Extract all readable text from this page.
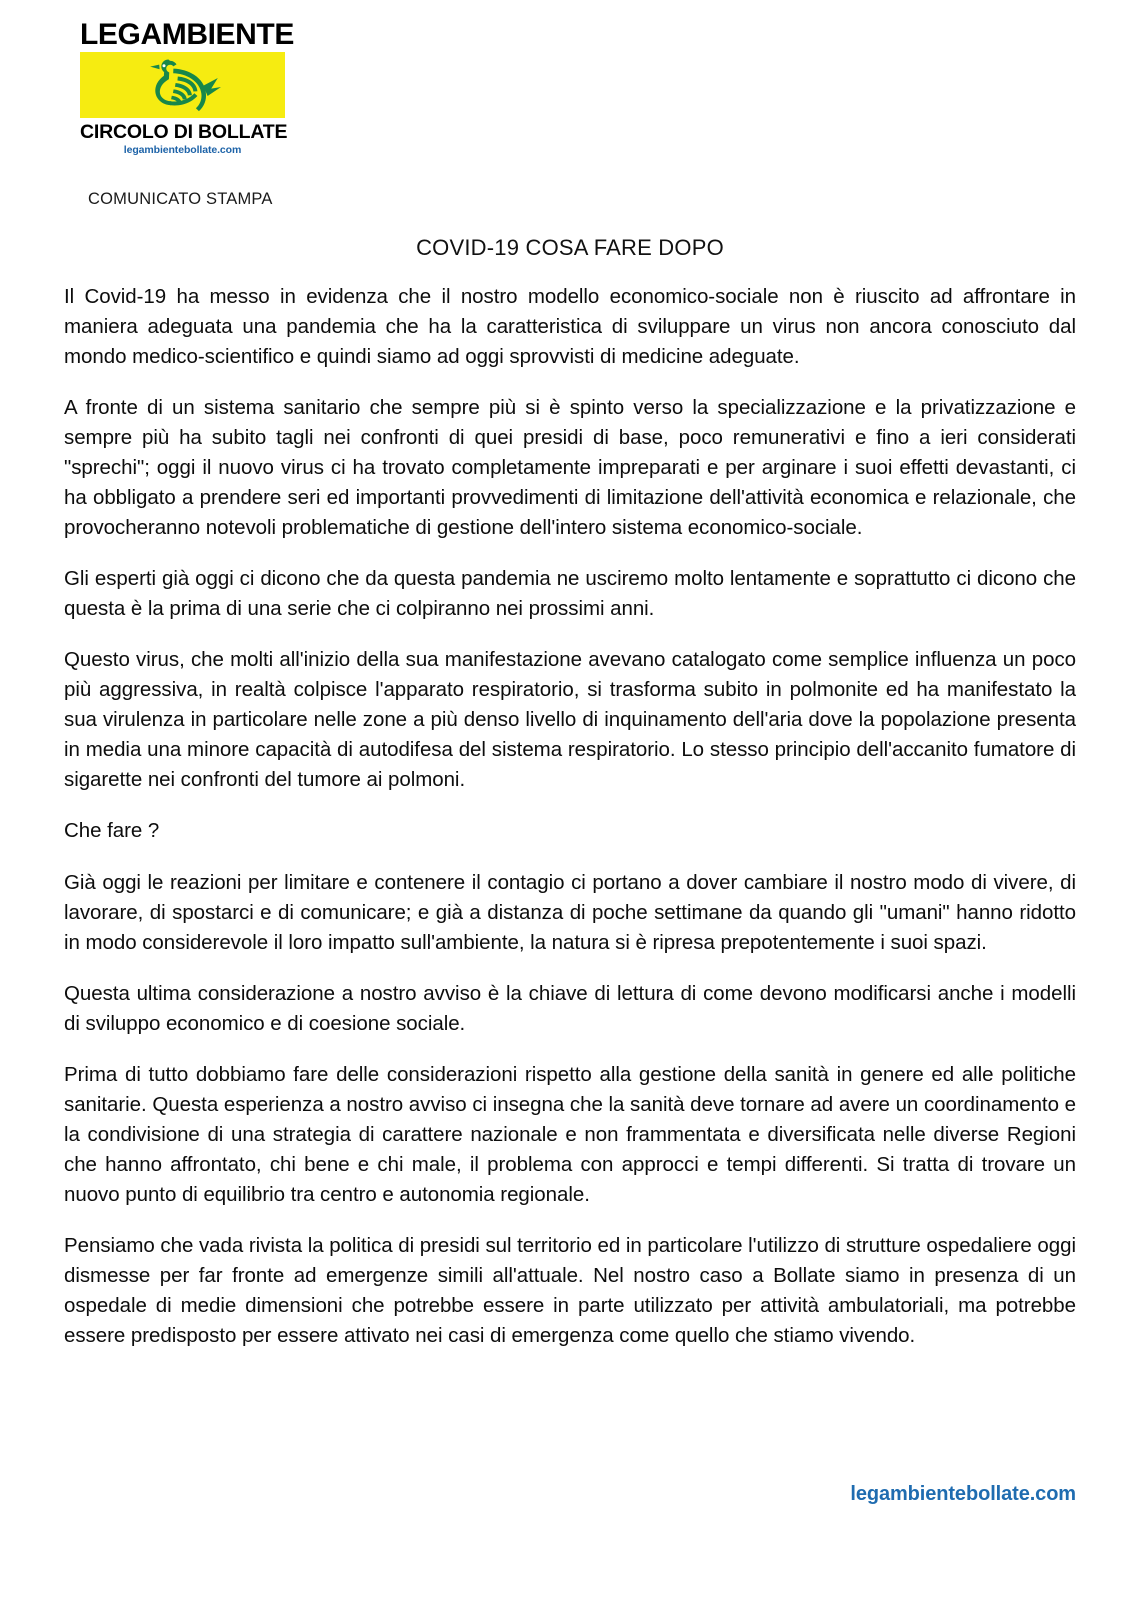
LEGAMBIENTE
CIRCOLO DI BOLLATE
legambientebollate.com
COMUNICATO STAMPA
COVID-19 COSA FARE DOPO

Il Covid-19 ha messo in evidenza che il nostro modello economico-sociale non è riuscito ad affrontare in maniera adeguata una pandemia che ha la caratteristica di sviluppare un virus non ancora conosciuto dal mondo medico-scientifico e quindi siamo ad oggi sprovvisti di medicine adeguate.

A fronte di un sistema sanitario che sempre più si è spinto verso la specializzazione e la privatizzazione e sempre più ha subito tagli nei confronti di quei presidi di base, poco remunerativi e fino a ieri considerati "sprechi"; oggi il nuovo virus ci ha trovato completamente impreparati e per arginare i suoi effetti devastanti, ci ha obbligato a prendere seri ed importanti provvedimenti di limitazione dell'attività economica e relazionale, che provocheranno notevoli problematiche di gestione dell'intero sistema economico-sociale.

Gli esperti già oggi ci dicono che da questa pandemia ne usciremo molto lentamente e soprattutto ci dicono che questa è la prima di una serie che ci colpiranno nei prossimi anni.

Questo virus, che molti all'inizio della sua manifestazione avevano catalogato come semplice influenza un poco più aggressiva, in realtà colpisce l'apparato respiratorio, si trasforma subito in polmonite ed ha manifestato la sua virulenza in particolare nelle zone a più denso livello di inquinamento dell'aria dove la popolazione presenta in media una minore capacità di autodifesa del sistema respiratorio. Lo stesso principio dell'accanito fumatore di sigarette nei confronti del tumore ai polmoni.

Che fare ?

Già oggi le reazioni per limitare e contenere il contagio ci portano a dover cambiare il nostro modo di vivere, di lavorare, di spostarci e di comunicare; e già a distanza di poche settimane da quando gli "umani" hanno ridotto in modo considerevole il loro impatto sull'ambiente, la natura si è ripresa prepotentemente i suoi spazi.

Questa ultima considerazione a nostro avviso è la chiave di lettura di come devono modificarsi anche i modelli di sviluppo economico e di coesione sociale.

Prima di tutto dobbiamo fare delle considerazioni rispetto alla gestione della sanità in genere ed alle politiche sanitarie. Questa esperienza a nostro avviso ci insegna che la sanità deve tornare ad avere un coordinamento e la condivisione di una strategia di carattere nazionale e non frammentata e diversificata nelle diverse Regioni che hanno affrontato, chi bene e chi male, il problema con approcci e tempi differenti. Si tratta di trovare un nuovo punto di equilibrio tra centro e autonomia regionale.

Pensiamo che vada rivista la politica di presidi sul territorio ed in particolare l'utilizzo di strutture ospedaliere oggi dismesse per far fronte ad emergenze simili all'attuale. Nel nostro caso a Bollate siamo in presenza di un ospedale di medie dimensioni che potrebbe essere in parte utilizzato per attività ambulatoriali, ma potrebbe essere predisposto per essere attivato nei casi di emergenza come quello che stiamo vivendo.

legambientebollate.com
